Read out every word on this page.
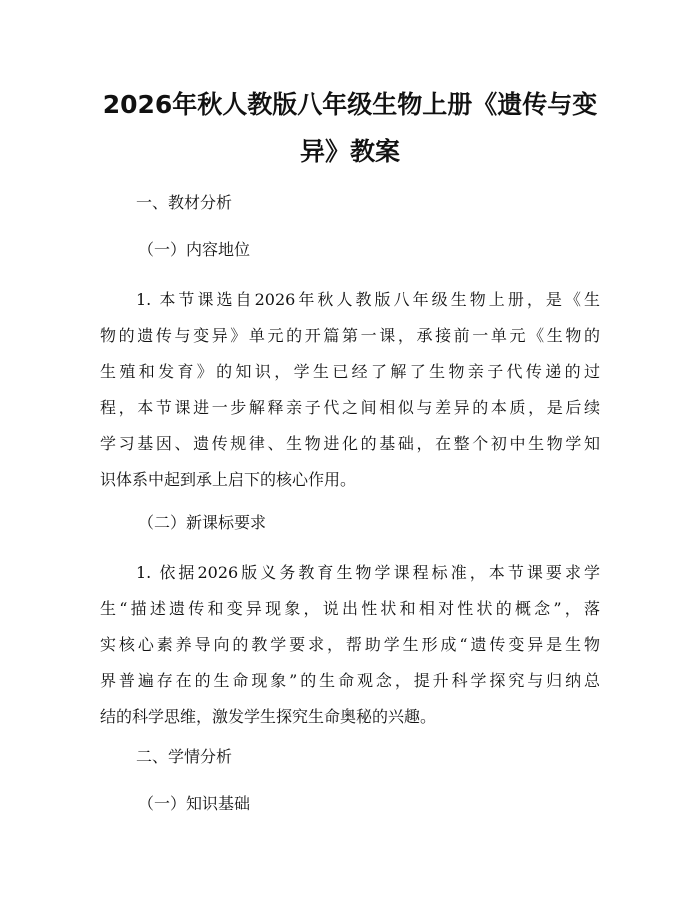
2026年秋人教版八年级生物上册《遗传与变
异》教案

一、教材分析

（一）内容地位

1. 本节课选自2026年秋人教版八年级生物上册，是《生
物的遗传与变异》单元的开篇第一课，承接前一单元《生物的
生殖和发育》的知识，学生已经了解了生物亲子代传递的过
程，本节课进一步解释亲子代之间相似与差异的本质，是后续
学习基因、遗传规律、生物进化的基础，在整个初中生物学知
识体系中起到承上启下的核心作用。

（二）新课标要求

1. 依据2026版义务教育生物学课程标准，本节课要求学
生“描述遗传和变异现象，说出性状和相对性状的概念”，落
实核心素养导向的教学要求，帮助学生形成“遗传变异是生物
界普遍存在的生命现象”的生命观念，提升科学探究与归纳总
结的科学思维，激发学生探究生命奥秘的兴趣。

二、学情分析

（一）知识基础
